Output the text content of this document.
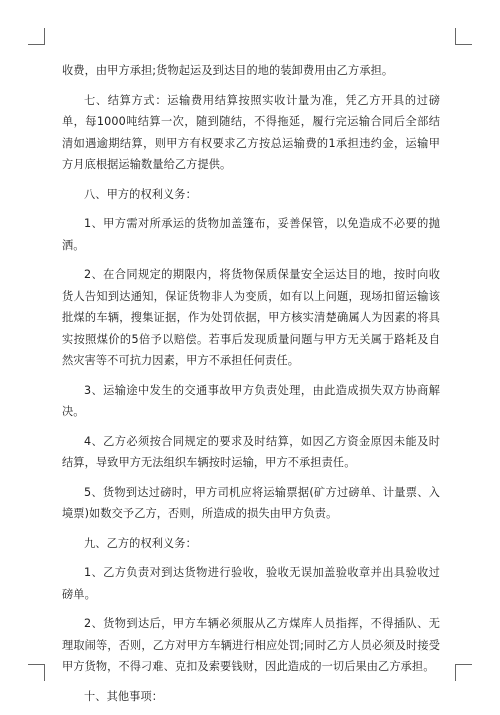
收费，由甲方承担;货物起运及到达目的地的装卸费用由乙方承担。

七、结算方式：运输费用结算按照实收计量为准，凭乙方开具的过磅单，每1000吨结算一次，随到随结，不得拖延，履行完运输合同后全部结清如遇逾期结算，则甲方有权要求乙方按总运输费的1承担违约金，运输甲方月底根据运输数量给乙方提供。

八、甲方的权利义务：

1、甲方需对所承运的货物加盖篷布，妥善保管，以免造成不必要的抛洒。

2、在合同规定的期限内，将货物保质保量安全运达目的地，按时向收货人告知到达通知，保证货物非人为变质，如有以上问题，现场扣留运输该批煤的车辆，搜集证据，作为处罚依据，甲方核实清楚确属人为因素的将具实按照煤价的5倍予以赔偿。若事后发现质量问题与甲方无关属于路耗及自然灾害等不可抗力因素，甲方不承担任何责任。

3、运输途中发生的交通事故甲方负责处理，由此造成损失双方协商解决。

4、乙方必须按合同规定的要求及时结算，如因乙方资金原因未能及时结算，导致甲方无法组织车辆按时运输，甲方不承担责任。

5、货物到达过磅时，甲方司机应将运输票据(矿方过磅单、计量票、入境票)如数交予乙方，否则，所造成的损失由甲方负责。

九、乙方的权利义务：

1、乙方负责对到达货物进行验收，验收无误加盖验收章并出具验收过磅单。

2、货物到达后，甲方车辆必须服从乙方煤库人员指挥，不得插队、无理取闹等，否则，乙方对甲方车辆进行相应处罚;同时乙方人员必须及时接受甲方货物，不得刁难、克扣及索要钱财，因此造成的一切后果由乙方承担。

十、其他事项：
